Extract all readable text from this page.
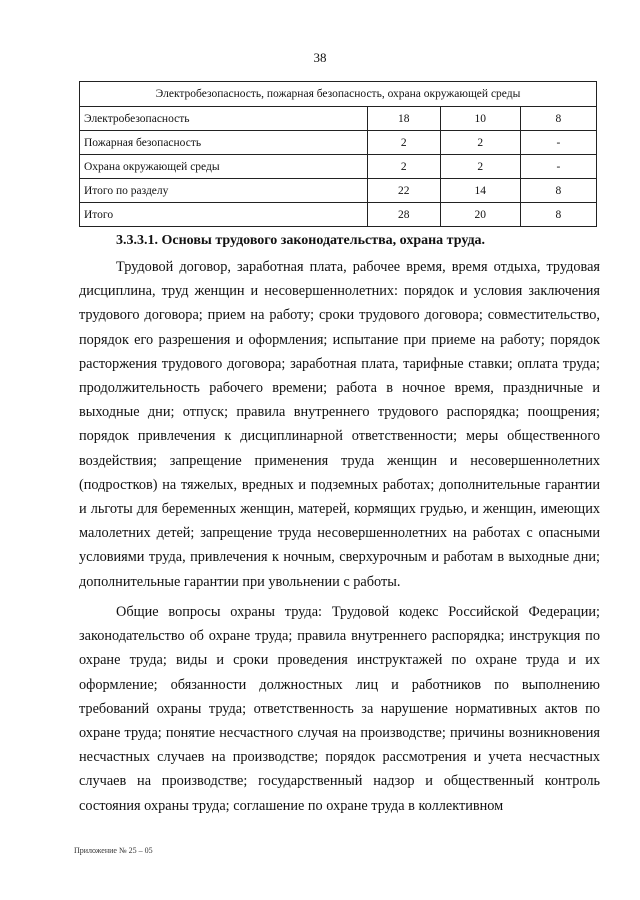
38
Электробезопасность, пожарная безопасность, охрана окружающей среды			
Электробезопасность	18	10	8
Пожарная безопасность	2	2	-
Охрана окружающей среды	2	2	-
Итого по разделу	22	14	8
Итого	28	20	8
3.3.3.1. Основы трудового законодательства, охрана труда.

Трудовой договор, заработная плата, рабочее время, время отдыха, трудовая дисциплина, труд женщин и несовершеннолетних: порядок и условия заключения трудового договора; прием на работу; сроки трудового договора; совместительство, порядок его разрешения и оформления; испытание при приеме на работу; порядок расторжения трудового договора; заработная плата, тарифные ставки; оплата труда; продолжительность рабочего времени; работа в ночное время, праздничные и выходные дни; отпуск; правила внутреннего трудового распорядка; поощрения; порядок привлечения к дисциплинарной ответственности; меры общественного воздействия; запрещение применения труда женщин и несовершеннолетних (подростков) на тяжелых, вредных и подземных работах; дополнительные гарантии и льготы для беременных женщин, матерей, кормящих грудью, и женщин, имеющих малолетних детей; запрещение труда несовершеннолетних на работах с опасными условиями труда, привлечения к ночным, сверхурочным и работам в выходные дни; дополнительные гарантии при увольнении с работы.

Общие вопросы охраны труда: Трудовой кодекс Российской Федерации; законодательство об охране труда; правила внутреннего распорядка; инструкция по охране труда; виды и сроки проведения инструктажей по охране труда и их оформление; обязанности должностных лиц и работников по выполнению требований охраны труда; ответственность за нарушение нормативных актов по охране труда; понятие несчастного случая на производстве; причины возникновения несчастных случаев на производстве; порядок рассмотрения и учета несчастных случаев на производстве; государственный надзор и общественный контроль состояния охраны труда; соглашение по охране труда в коллективном

Приложение № 25 – 05
